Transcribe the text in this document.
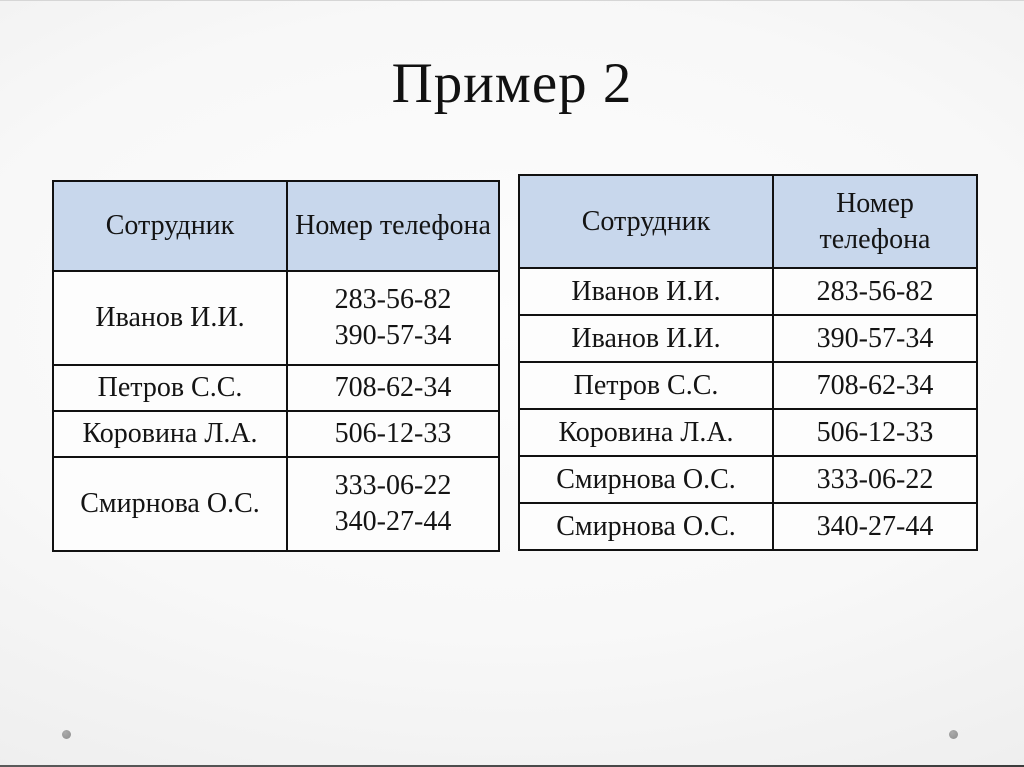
Пример 2
Сотрудник	Номер телефона
Иванов И.И.	283-56-82
390-57-34

Петров С.С.	708-62-34
Коровина Л.А.	506-12-33
Смирнова О.С.	333-06-22
340-27-44
Сотрудник	Номер телефона
Иванов И.И.	283-56-82
Иванов И.И.	390-57-34
Петров С.С.	708-62-34
Коровина Л.А.	506-12-33
Смирнова О.С.	333-06-22
Смирнова О.С.	340-27-44
